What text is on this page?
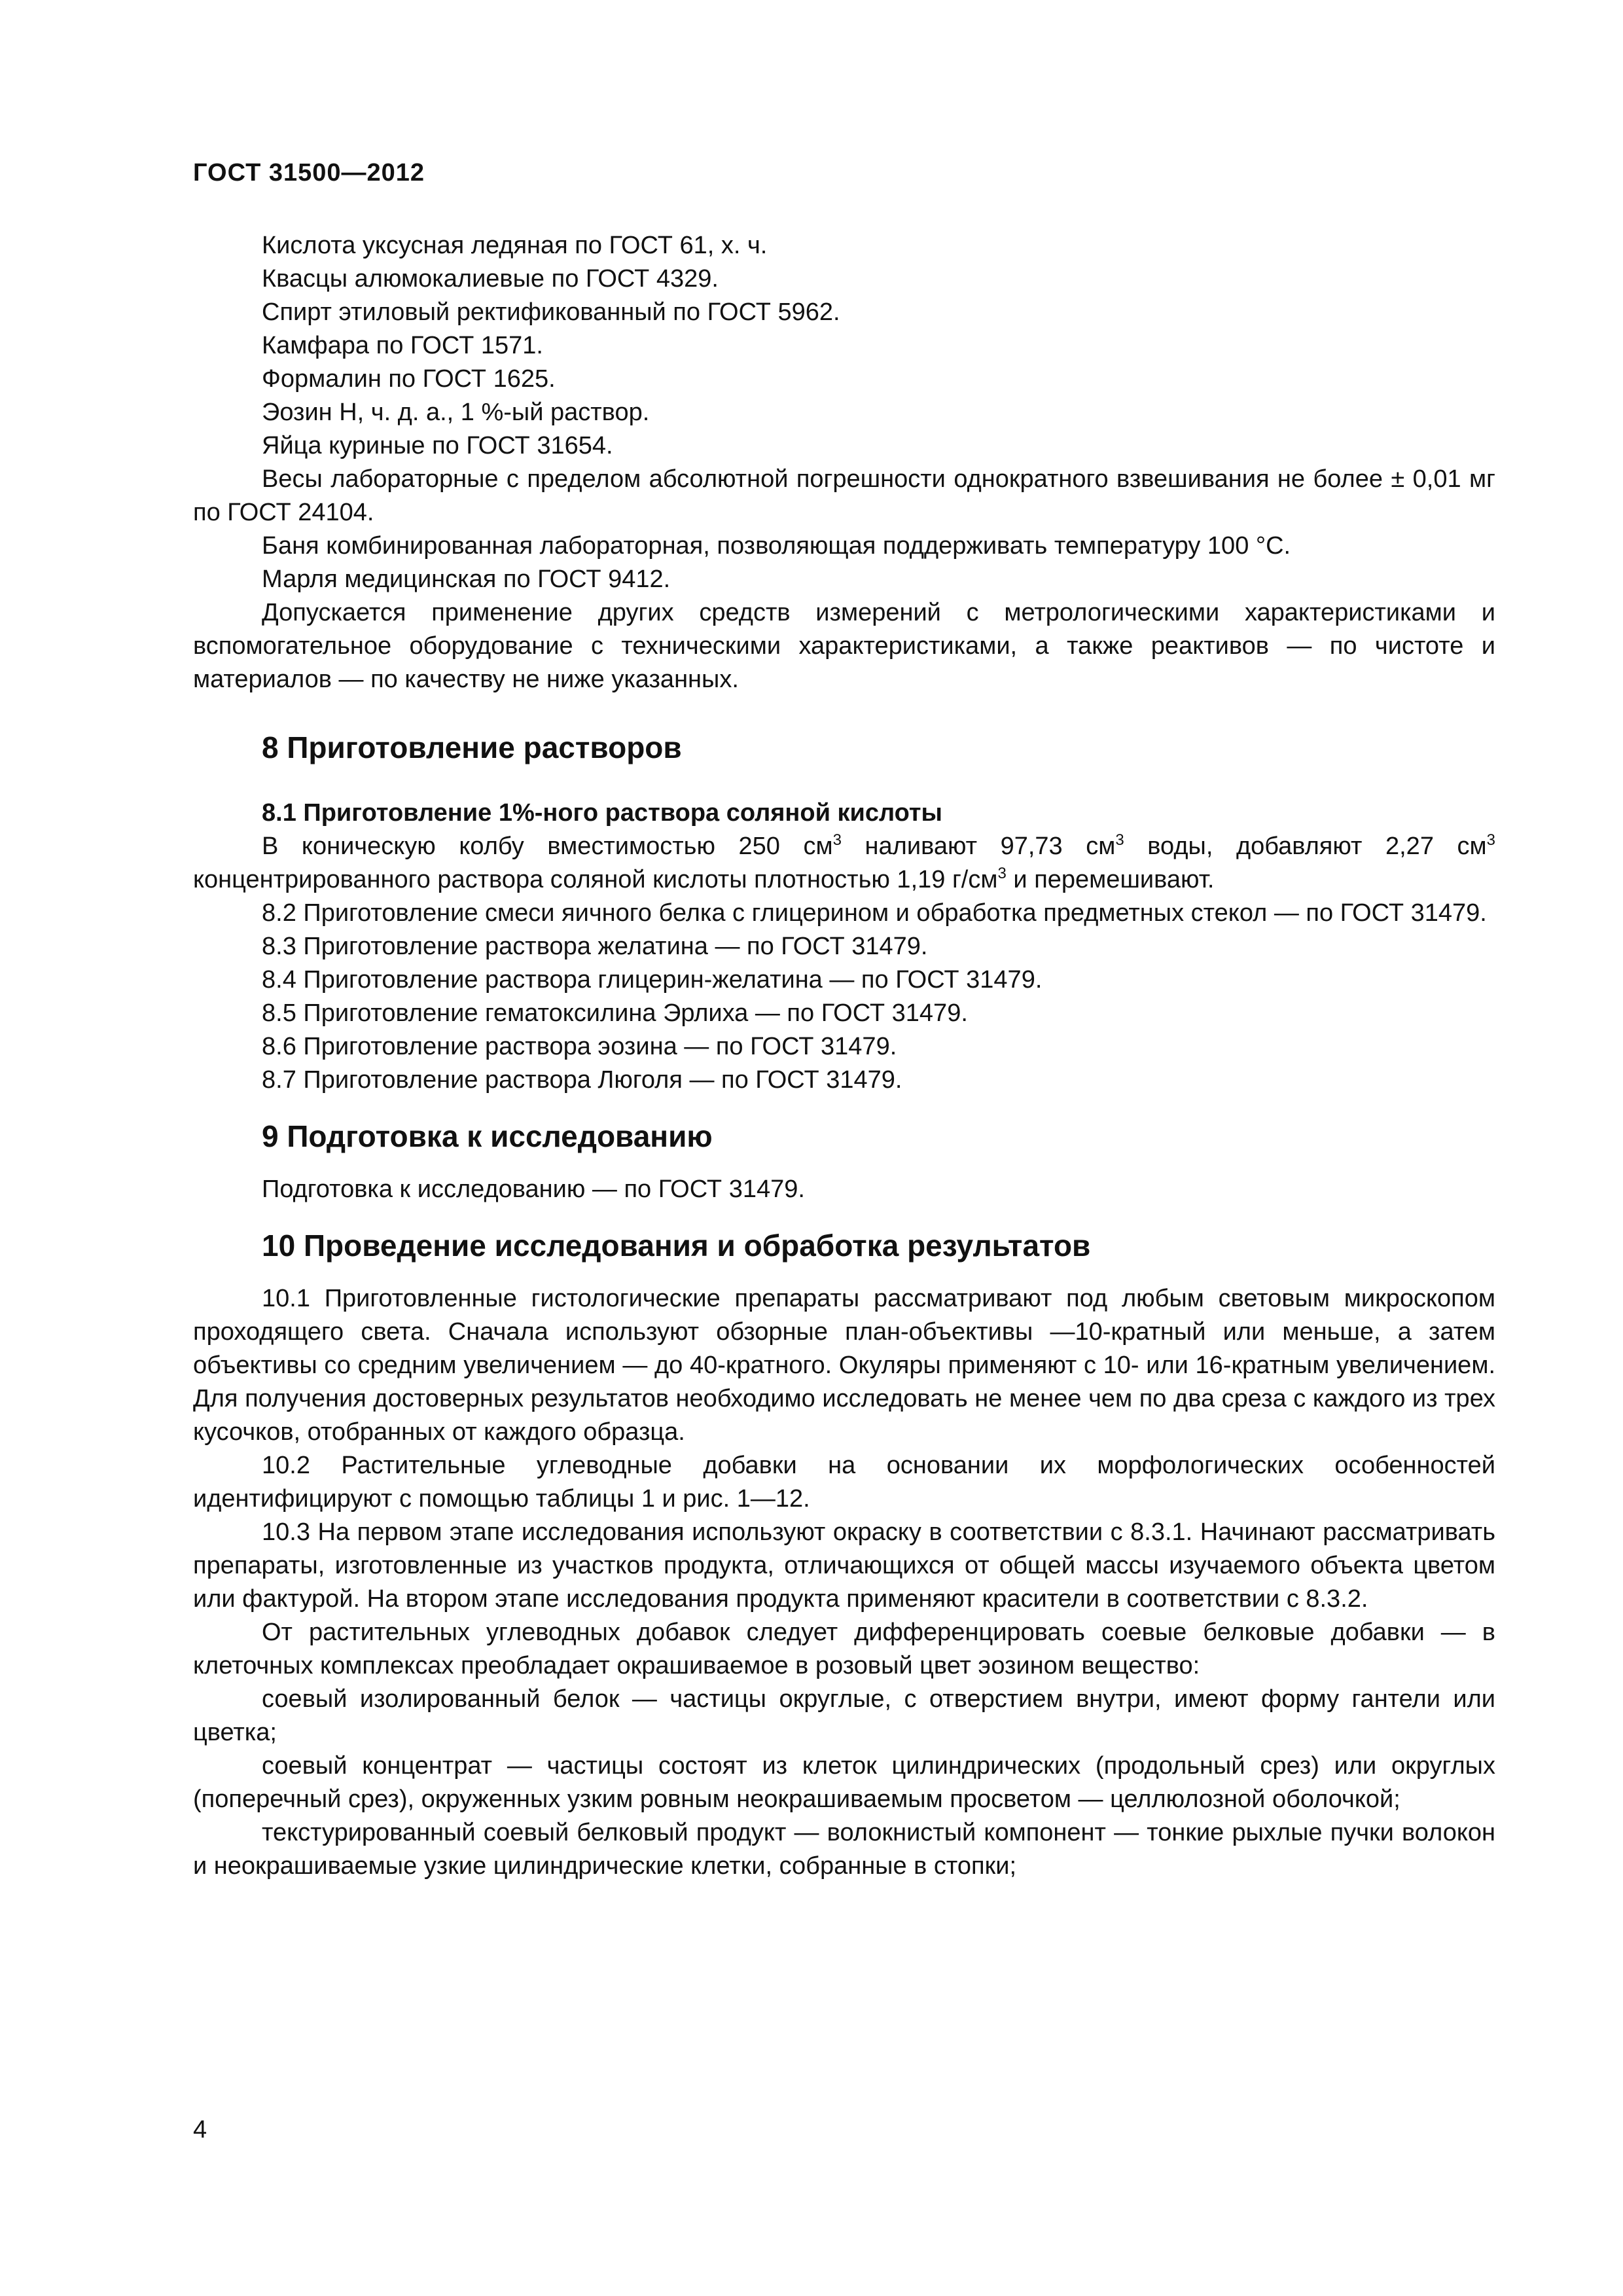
ГОСТ 31500—2012

Кислота уксусная ледяная по ГОСТ 61, х. ч.

Квасцы алюмокалиевые по ГОСТ 4329.

Спирт этиловый ректификованный по ГОСТ 5962.

Камфара по ГОСТ 1571.

Формалин по ГОСТ 1625.

Эозин Н, ч. д. а., 1 %-ый раствор.

Яйца куриные по ГОСТ 31654.

Весы лабораторные с пределом абсолютной погрешности однократного взвешивания не более ± 0,01 мг по ГОСТ 24104.

Баня комбинированная лабораторная, позволяющая поддерживать температуру 100 °С.

Марля медицинская по ГОСТ 9412.

Допускается применение других средств измерений с метрологическими характеристиками и вспомогательное оборудование с техническими характеристиками, а также реактивов — по чистоте и материалов — по качеству не ниже указанных.

8 Приготовление растворов
8.1 Приготовление 1%-ного раствора соляной кислоты

В коническую колбу вместимостью 250 $см^3$ наливают 97,73 $см^3$ воды, добавляют 2,27 $см^3$ концентрированного раствора соляной кислоты плотностью 1,19 $г/см^3$ и перемешивают.

8.2 Приготовление смеси яичного белка с глицерином и обработка предметных стекол — по ГОСТ 31479.

8.3 Приготовление раствора желатина — по ГОСТ 31479.

8.4 Приготовление раствора глицерин-желатина — по ГОСТ 31479.

8.5 Приготовление гематоксилина Эрлиха — по ГОСТ 31479.

8.6 Приготовление раствора эозина — по ГОСТ 31479.

8.7 Приготовление раствора Люголя — по ГОСТ 31479.

9 Подготовка к исследованию

Подготовка к исследованию — по ГОСТ 31479.

10 Проведение исследования и обработка результатов

10.1 Приготовленные гистологические препараты рассматривают под любым световым микроскопом проходящего света. Сначала используют обзорные план-объективы —10-кратный или меньше, а затем объективы со средним увеличением — до 40-кратного. Окуляры применяют с 10- или 16-кратным увеличением. Для получения достоверных результатов необходимо исследовать не менее чем по два среза с каждого из трех кусочков, отобранных от каждого образца.

10.2 Растительные углеводные добавки на основании их морфологических особенностей идентифицируют с помощью таблицы 1 и рис. 1—12.

10.3 На первом этапе исследования используют окраску в соответствии с 8.3.1. Начинают рассматривать препараты, изготовленные из участков продукта, отличающихся от общей массы изучаемого объекта цветом или фактурой. На втором этапе исследования продукта применяют красители в соответствии с 8.3.2.

От растительных углеводных добавок следует дифференцировать соевые белковые добавки — в клеточных комплексах преобладает окрашиваемое в розовый цвет эозином вещество:

соевый изолированный белок — частицы округлые, с отверстием внутри, имеют форму гантели или цветка;

соевый концентрат — частицы состоят из клеток цилиндрических (продольный срез) или округлых (поперечный срез), окруженных узким ровным неокрашиваемым просветом — целлюлозной оболочкой;

текстурированный соевый белковый продукт — волокнистый компонент — тонкие рыхлые пучки волокон и неокрашиваемые узкие цилиндрические клетки, собранные в стопки;

4
